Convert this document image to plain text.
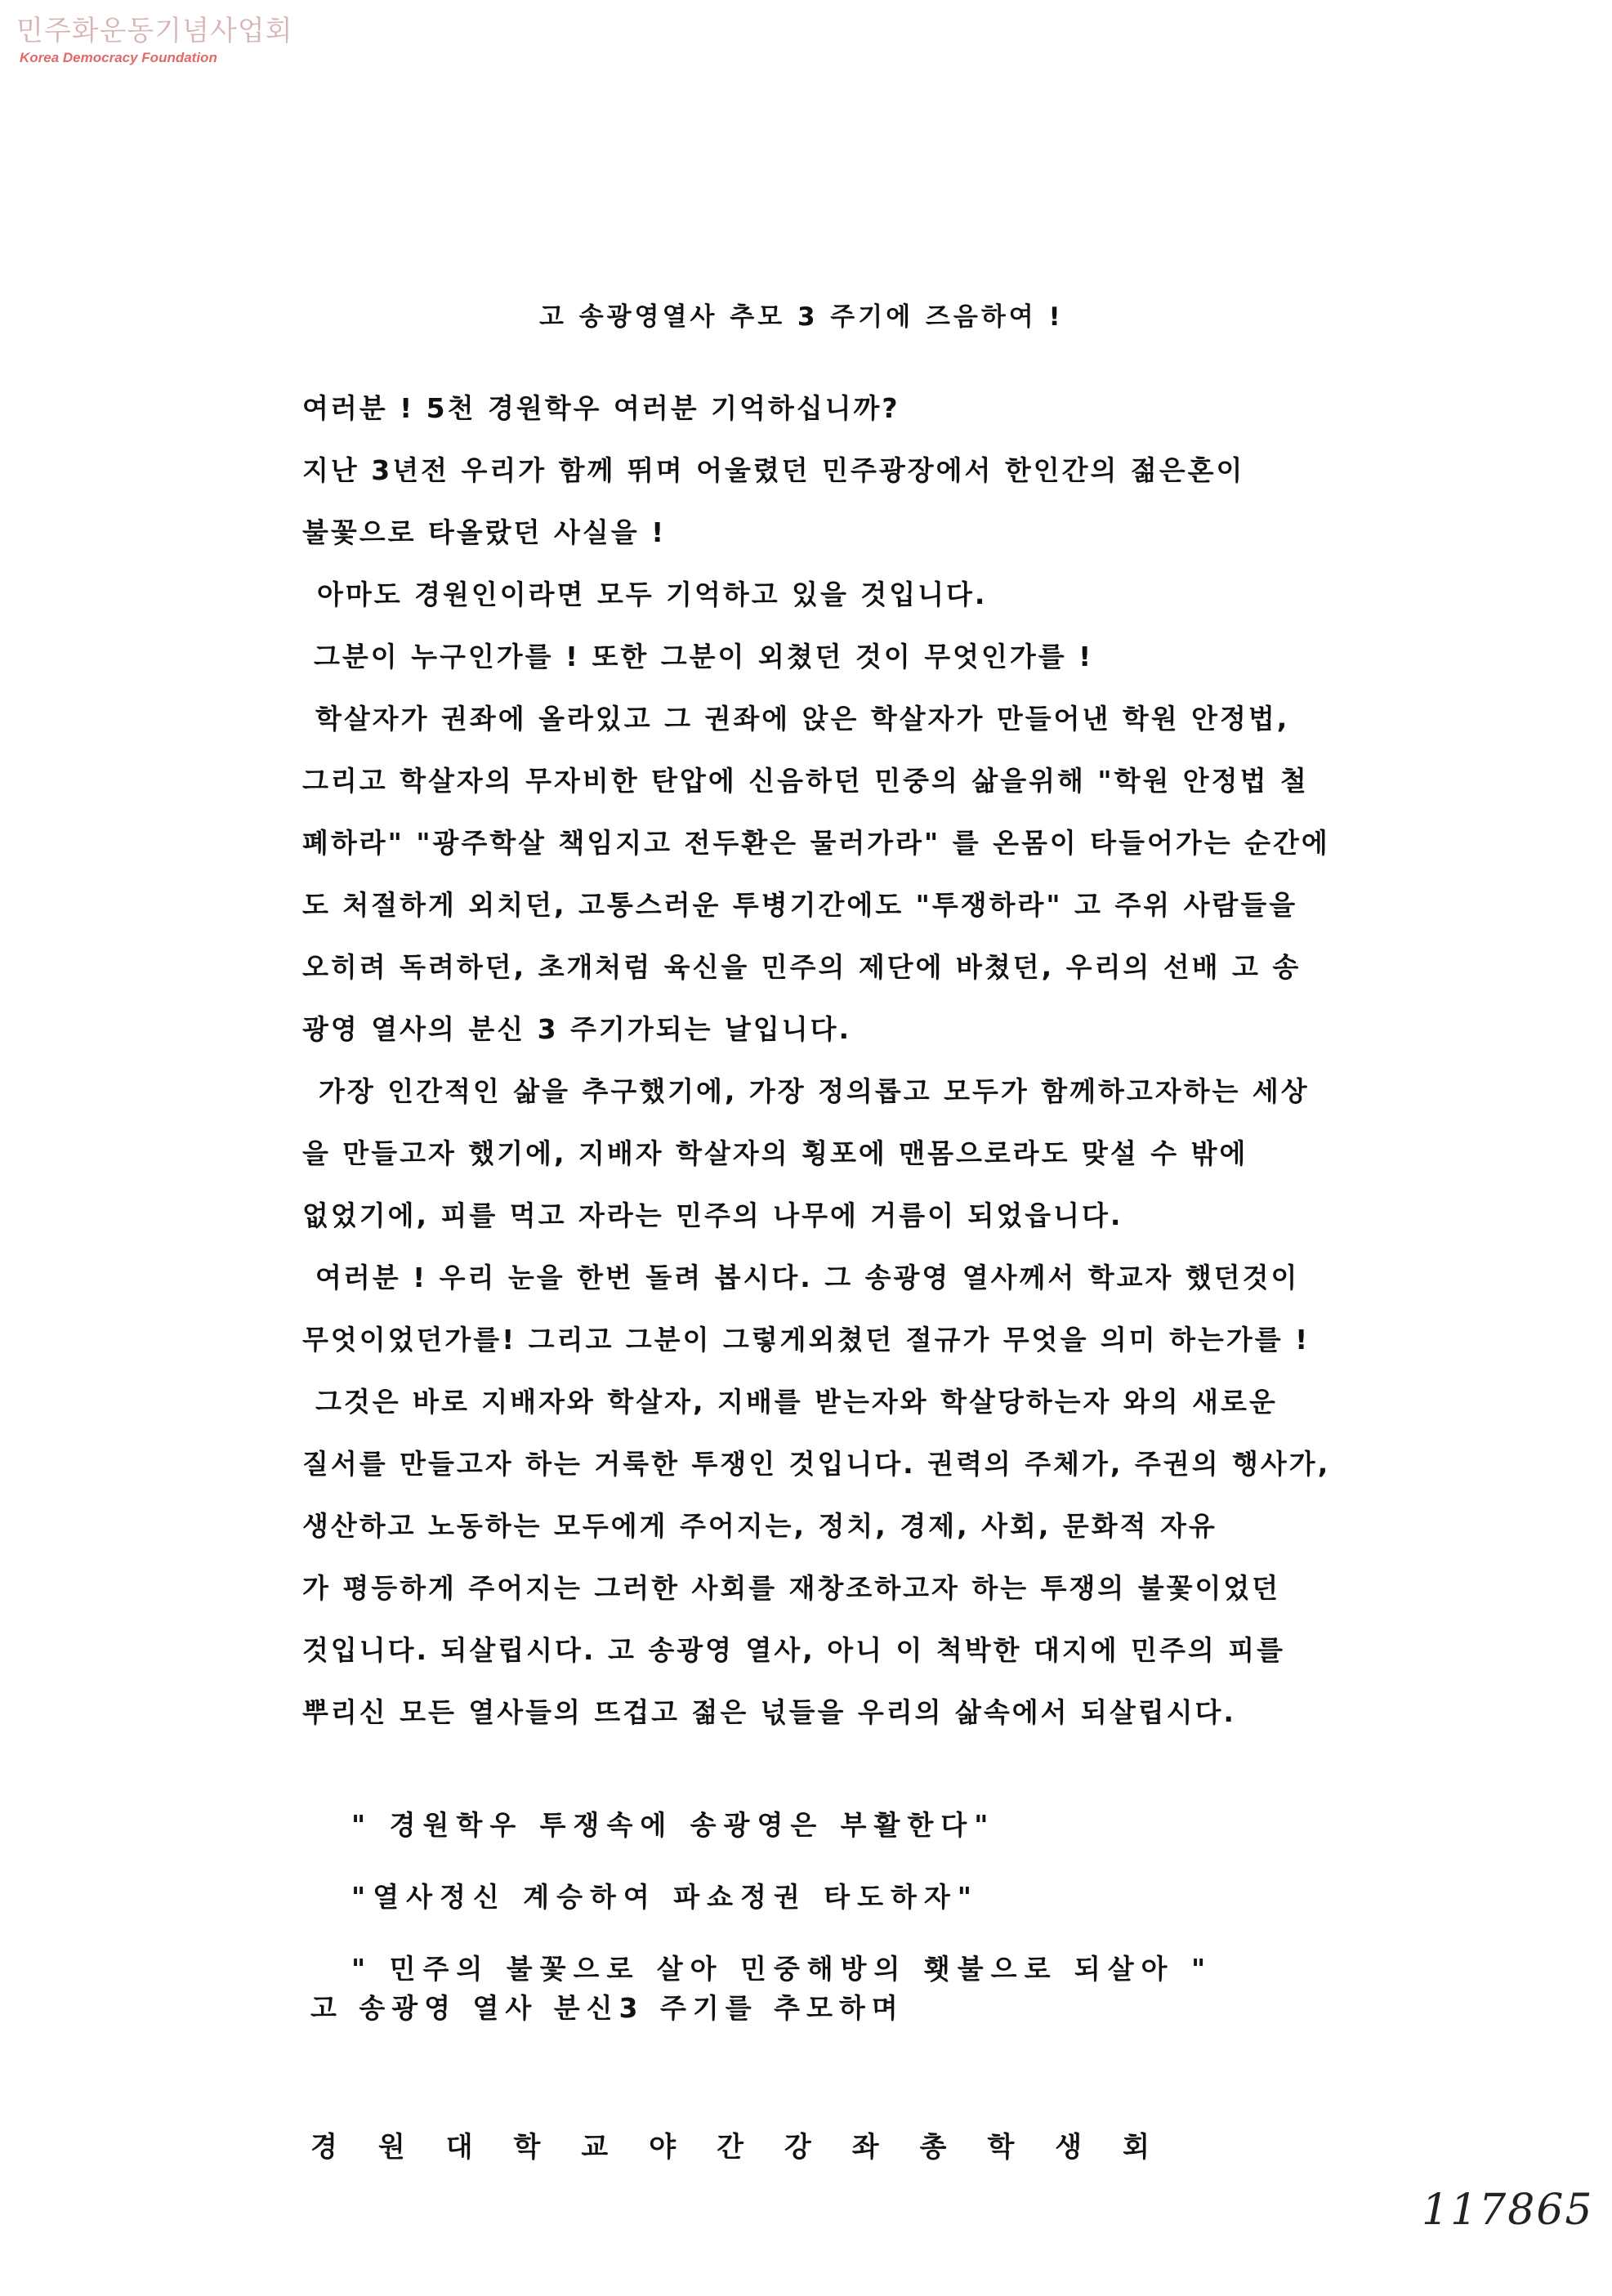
민주화운동기념사업회
Korea Democracy Foundation
고 송광영열사 추모 3 주기에 즈음하여 !
여러분 ! 5천 경원학우 여러분 기억하십니까?
지난 3년전 우리가 함께 뛰며 어울렸던 민주광장에서 한인간의 젊은혼이
불꽃으로 타올랐던 사실을 !
아마도 경원인이라면 모두 기억하고 있을 것입니다.
그분이 누구인가를 ! 또한 그분이 외쳤던 것이 무엇인가를 !
학살자가 권좌에 올라있고 그 권좌에 앉은 학살자가 만들어낸 학원 안정법,
그리고 학살자의 무자비한 탄압에 신음하던 민중의 삶을위해 "학원 안정법 철
폐하라" "광주학살 책임지고 전두환은 물러가라" 를 온몸이 타들어가는 순간에
도 처절하게 외치던, 고통스러운 투병기간에도 "투쟁하라" 고 주위 사람들을
오히려 독려하던, 초개처럼 육신을 민주의 제단에 바쳤던, 우리의 선배 고 송
광영 열사의 분신 3 주기가되는 날입니다.
가장 인간적인 삶을 추구했기에, 가장 정의롭고 모두가 함께하고자하는 세상
을 만들고자 했기에, 지배자 학살자의 횡포에 맨몸으로라도 맞설 수 밖에
없었기에, 피를 먹고 자라는 민주의 나무에 거름이 되었읍니다.
여러분 ! 우리 눈을 한번 돌려 봅시다. 그 송광영 열사께서 학교자 했던것이
무엇이었던가를! 그리고 그분이 그렇게외쳤던 절규가 무엇을 의미 하는가를 !
그것은 바로 지배자와 학살자, 지배를 받는자와 학살당하는자 와의 새로운
질서를 만들고자 하는 거룩한 투쟁인 것입니다. 권력의 주체가, 주권의 행사가,
생산하고 노동하는 모두에게 주어지는, 정치, 경제, 사회, 문화적 자유
가 평등하게 주어지는 그러한 사회를 재창조하고자 하는 투쟁의 불꽃이었던
것입니다. 되살립시다. 고 송광영 열사, 아니 이 척박한 대지에 민주의 피를
뿌리신 모든 열사들의 뜨겁고 젊은 넋들을 우리의 삶속에서 되살립시다.
" 경원학우 투쟁속에 송광영은 부활한다"
"열사정신 계승하여 파쇼정권 타도하자"
" 민주의 불꽃으로 살아 민중해방의 횃불으로 되살아 "
고 송광영 열사 분신3 주기를 추모하며
경원대학교야간강좌총학생회
117865
